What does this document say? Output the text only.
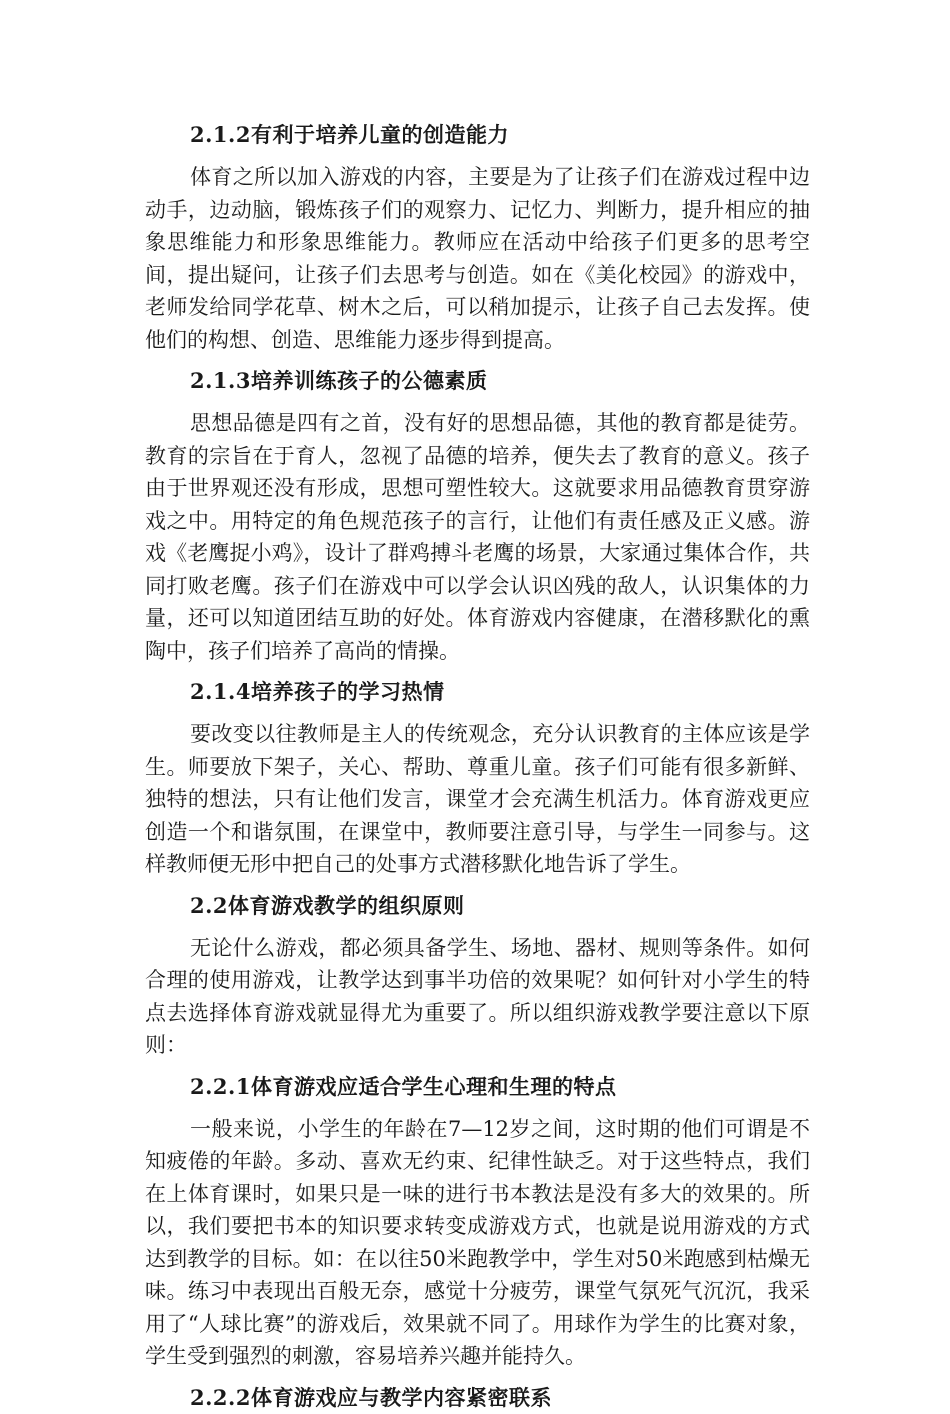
2.1.2有利于培养儿童的创造能力

体育之所以加入游戏的内容，主要是为了让孩子们在游戏过程中边动手，边动脑，锻炼孩子们的观察力、记忆力、判断力，提升相应的抽象思维能力和形象思维能力。教师应在活动中给孩子们更多的思考空间，提出疑问，让孩子们去思考与创造。如在《美化校园》的游戏中，老师发给同学花草、树木之后，可以稍加提示，让孩子自己去发挥。使他们的构想、创造、思维能力逐步得到提高。

2.1.3培养训练孩子的公德素质

思想品德是四有之首，没有好的思想品德，其他的教育都是徒劳。教育的宗旨在于育人，忽视了品德的培养，便失去了教育的意义。孩子由于世界观还没有形成，思想可塑性较大。这就要求用品德教育贯穿游戏之中。用特定的角色规范孩子的言行，让他们有责任感及正义感。游戏《老鹰捉小鸡》，设计了群鸡搏斗老鹰的场景，大家通过集体合作，共同打败老鹰。孩子们在游戏中可以学会认识凶残的敌人，认识集体的力量，还可以知道团结互助的好处。体育游戏内容健康，在潜移默化的熏陶中，孩子们培养了高尚的情操。

2.1.4培养孩子的学习热情

要改变以往教师是主人的传统观念，充分认识教育的主体应该是学生。师要放下架子，关心、帮助、尊重儿童。孩子们可能有很多新鲜、独特的想法，只有让他们发言，课堂才会充满生机活力。体育游戏更应创造一个和谐氛围，在课堂中，教师要注意引导，与学生一同参与。这样教师便无形中把自己的处事方式潜移默化地告诉了学生。

2.2体育游戏教学的组织原则

无论什么游戏，都必须具备学生、场地、器材、规则等条件。如何合理的使用游戏，让教学达到事半功倍的效果呢？如何针对小学生的特点去选择体育游戏就显得尤为重要了。所以组织游戏教学要注意以下原则：

2.2.1体育游戏应适合学生心理和生理的特点

一般来说，小学生的年龄在7—12岁之间，这时期的他们可谓是不知疲倦的年龄。多动、喜欢无约束、纪律性缺乏。对于这些特点，我们在上体育课时，如果只是一味的进行书本教法是没有多大的效果的。所以，我们要把书本的知识要求转变成游戏方式，也就是说用游戏的方式达到教学的目标。如：在以往50米跑教学中，学生对50米跑感到枯燥无味。练习中表现出百般无奈，感觉十分疲劳，课堂气氛死气沉沉，我采用了“人球比赛”的游戏后，效果就不同了。用球作为学生的比赛对象，学生受到强烈的刺激，容易培养兴趣并能持久。

2.2.2体育游戏应与教学内容紧密联系
